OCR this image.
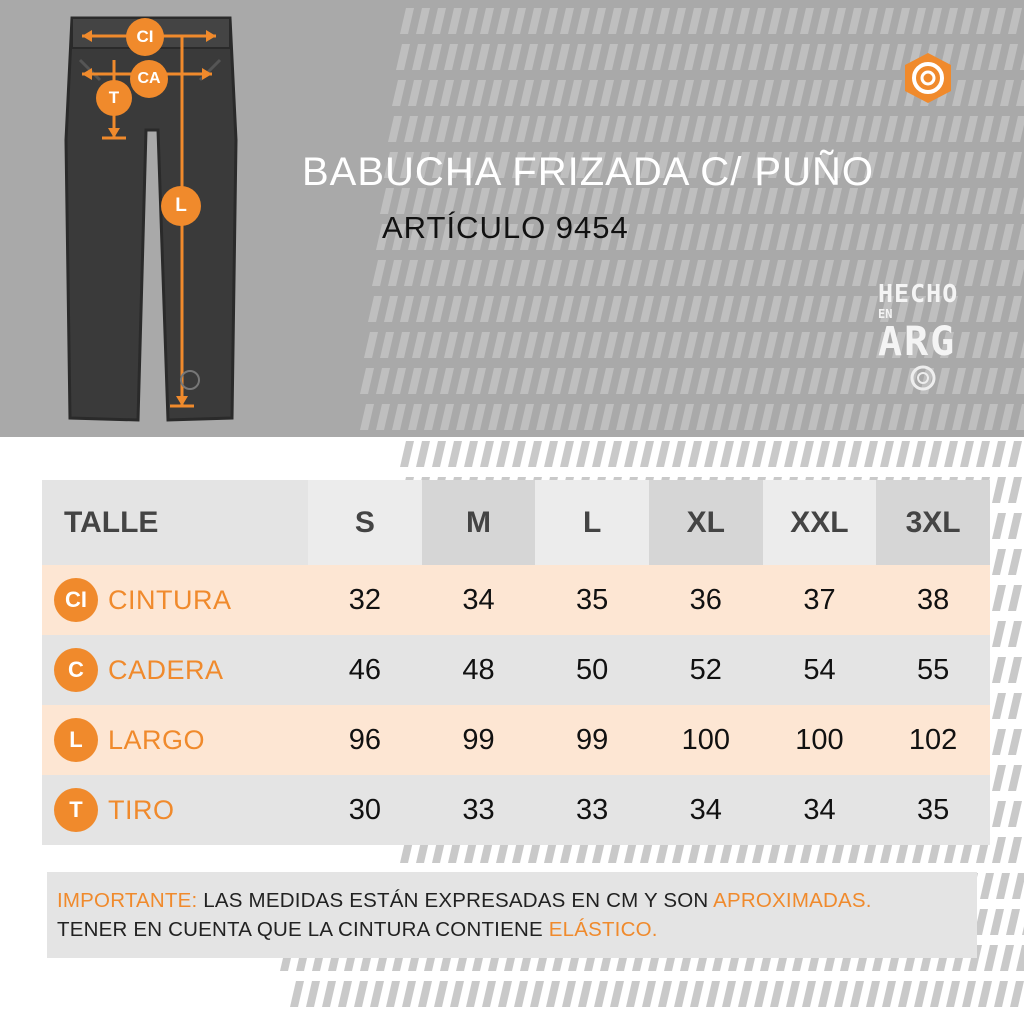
CI
CA
T
L
BABUCHA FRIZADA C/ PUÑO
ARTÍCULO 9454
HECHO
EN
ARG
TALLE	S	M	L	XL	XXL	3XL
CI CINTURA	32	34	35	36	37	38
C CADERA	46	48	50	52	54	55
L LARGO	96	99	99	100	100	102
T TIRO	30	33	33	34	34	35
IMPORTANTE: LAS MEDIDAS ESTÁN EXPRESADAS EN CM Y SON APROXIMADAS.
TENER EN CUENTA QUE LA CINTURA CONTIENE ELÁSTICO.
